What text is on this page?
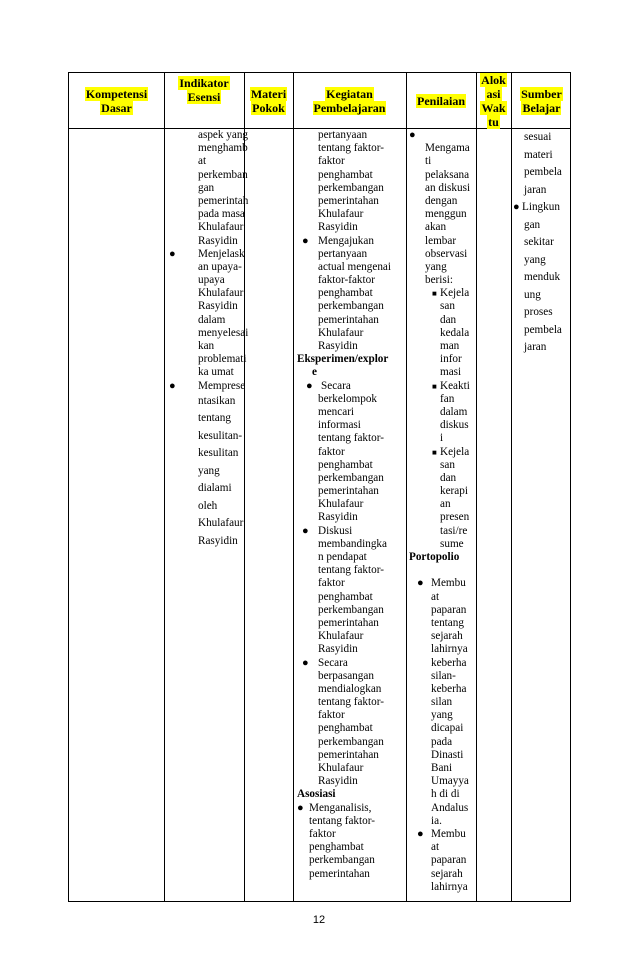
Kompetensi
Dasar
Indikator
Esensi	Materi
Pokok
Kegiatan
Pembelajaran	Penilaian
Alok
asi
Wak
tu
Sumber
Belajar
aspek yang
menghamb
at
perkemban
gan
pemerintah
pada masa
Khulafaur
Rasyidin
● Menjelask
an upaya-
upaya
Khulafaur
Rasyidin
dalam
menyelesai
kan
problemati
ka umat
● Memprese
ntasikan
tentang
kesulitan-
kesulitan
yang
dialami
oleh
Khulafaur
Rasyidin
pertanyaan
tentang faktor-
faktor
penghambat
perkembangan
pemerintahan
Khulafaur
Rasyidin
● Mengajukan
pertanyaan
actual mengenai
faktor-faktor
penghambat
perkembangan
pemerintahan
Khulafaur
Rasyidin
Eksperimen/explor
e
● Secara
berkelompok
mencari
informasi
tentang faktor-
faktor
penghambat
perkembangan
pemerintahan
Khulafaur
Rasyidin
● Diskusi
membandingka
n pendapat
tentang faktor-
faktor
penghambat
perkembangan
pemerintahan
Khulafaur
Rasyidin
● Secara
berpasangan
mendialogkan
tentang faktor-
faktor
penghambat
perkembangan
pemerintahan
Khulafaur
Rasyidin
Asosiasi
● Menganalisis,
tentang faktor-
faktor
penghambat
perkembangan
pemerintahan
●
Mengama
ti
pelaksana
an diskusi
dengan
menggun
akan
lembar
observasi
yang
berisi:
■ Kejela
san
dan
kedala
man
infor
masi
■ Keakti
fan
dalam
diskus
i
■ Kejela
san
dan
kerapi
an
presen
tasi/re
sume
Portopolio
● Membu
at
paparan
tentang
sejarah
lahirnya
keberha
silan-
keberha
silan
yang
dicapai
pada
Dinasti
Bani
Umayya
h di di
Andalus
ia.
● Membu
at
paparan
sejarah
lahirnya
sesuai
materi
pembela
jaran
● Lingkun
gan
sekitar
yang
menduk
ung
proses
pembela
jaran
12
